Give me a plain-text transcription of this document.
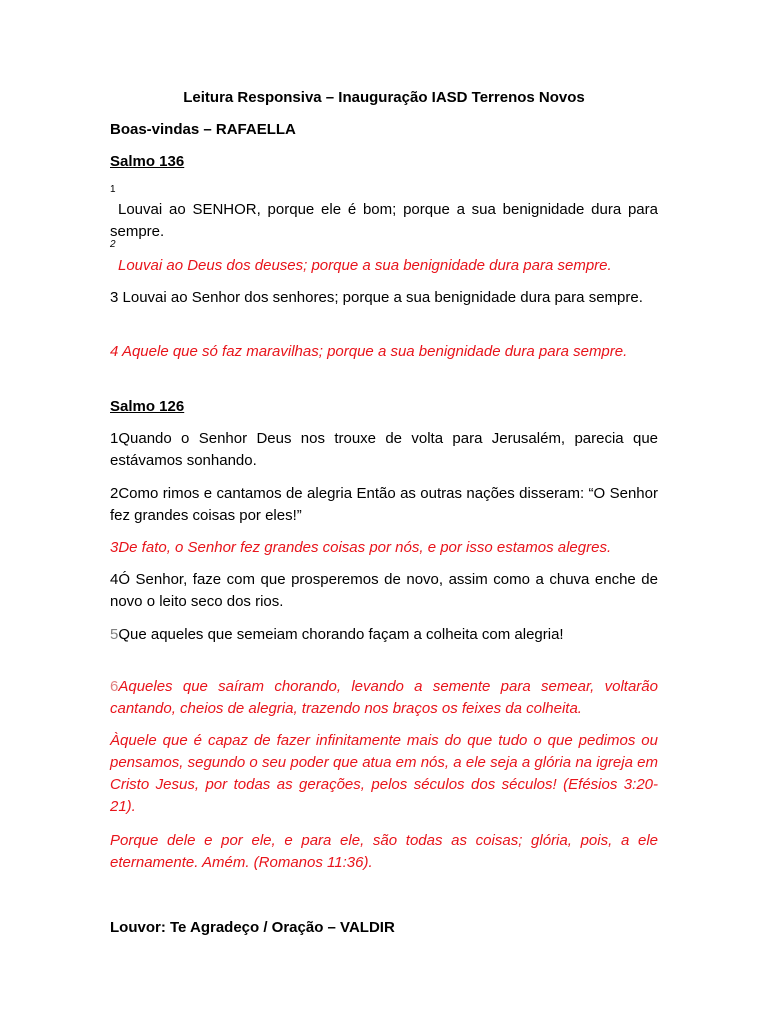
Leitura Responsiva – Inauguração IASD Terrenos Novos
Boas-vindas – RAFAELLA
Salmo 136
1
Louvai ao SENHOR, porque ele é bom; porque a sua benignidade dura para sempre.
2
Louvai ao Deus dos deuses; porque a sua benignidade dura para sempre.
3 Louvai ao Senhor dos senhores; porque a sua benignidade dura para sempre.
4 Aquele que só faz maravilhas; porque a sua benignidade dura para sempre.
Salmo 126
1Quando o Senhor Deus nos trouxe de volta para Jerusalém, parecia que estávamos sonhando.
2Como rimos e cantamos de alegria Então as outras nações disseram: “O Senhor fez grandes coisas por eles!”
3De fato, o Senhor fez grandes coisas por nós, e por isso estamos alegres.
4Ó Senhor, faze com que prosperemos de novo, assim como a chuva enche de novo o leito seco dos rios.
5Que aqueles que semeiam chorando façam a colheita com alegria!
6Aqueles que saíram chorando, levando a semente para semear, voltarão cantando, cheios de alegria, trazendo nos braços os feixes da colheita.
Àquele que é capaz de fazer infinitamente mais do que tudo o que pedimos ou pensamos, segundo o seu poder que atua em nós, a ele seja a glória na igreja em Cristo Jesus, por todas as gerações, pelos séculos dos séculos! (Efésios 3:20-21).
Porque dele e por ele, e para ele, são todas as coisas; glória, pois, a ele eternamente. Amém. (Romanos 11:36).
Louvor: Te Agradeço / Oração – VALDIR
